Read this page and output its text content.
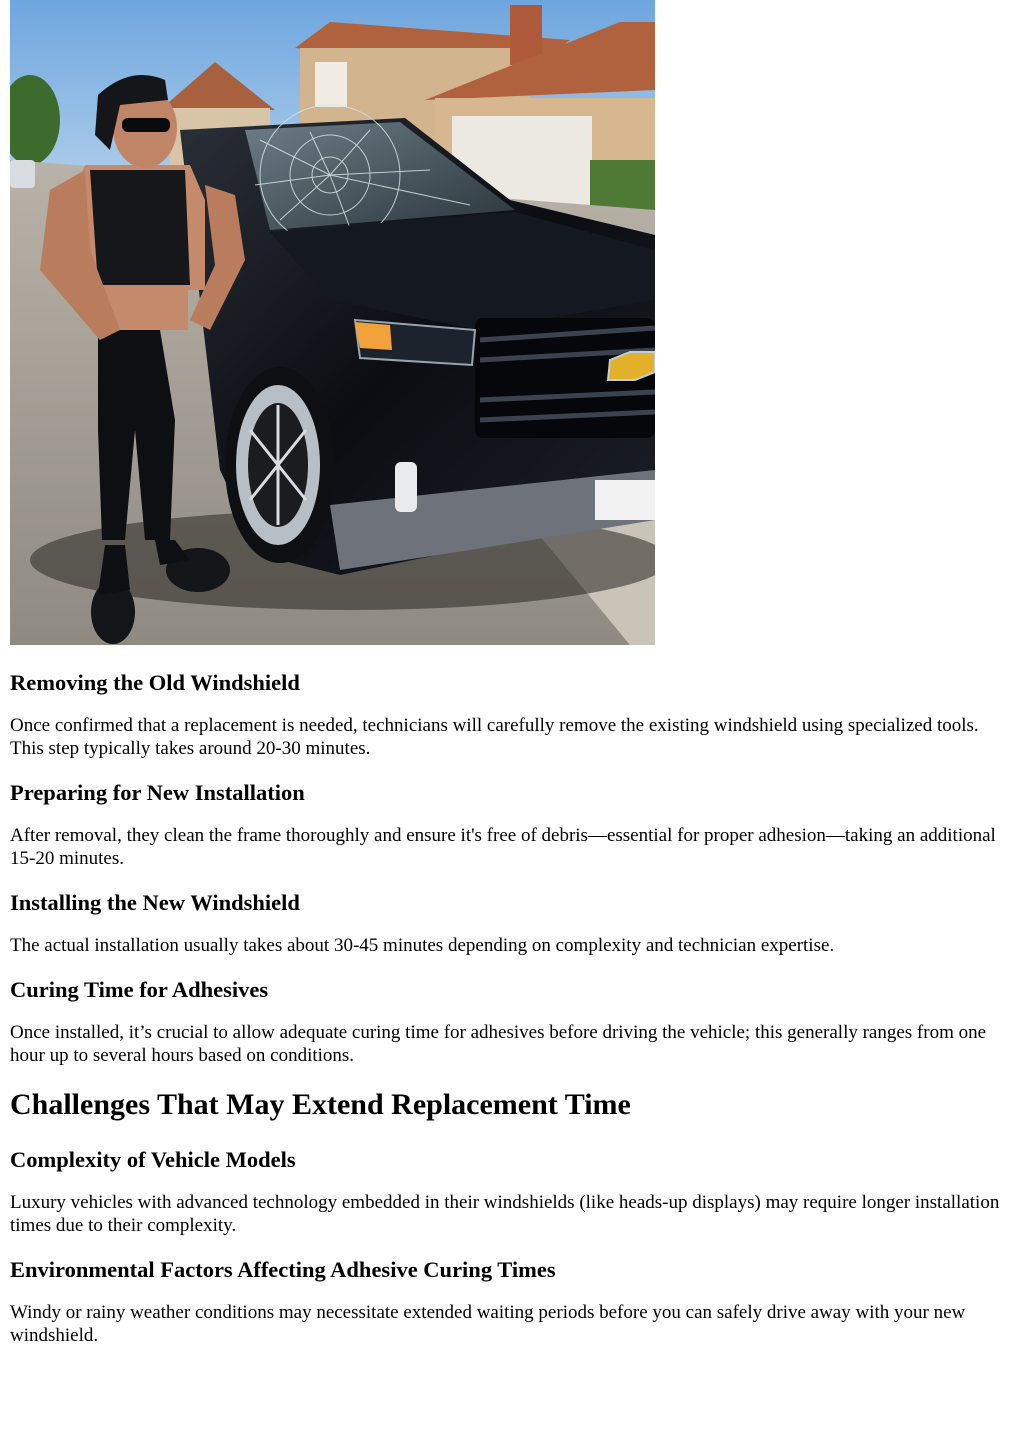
Removing the Old Windshield

Once confirmed that a replacement is needed, technicians will carefully remove the existing windshield using specialized tools. This step typically takes around 20-30 minutes.

Preparing for New Installation

After removal, they clean the frame thoroughly and ensure it's free of debris—essential for proper adhesion—taking an additional 15-20 minutes.

Installing the New Windshield

The actual installation usually takes about 30-45 minutes depending on complexity and technician expertise.

Curing Time for Adhesives

Once installed, it’s crucial to allow adequate curing time for adhesives before driving the vehicle; this generally ranges from one hour up to several hours based on conditions.

Challenges That May Extend Replacement Time
Complexity of Vehicle Models

Luxury vehicles with advanced technology embedded in their windshields (like heads-up displays) may require longer installation times due to their complexity.

Environmental Factors Affecting Adhesive Curing Times

Windy or rainy weather conditions may necessitate extended waiting periods before you can safely drive away with your new windshield.
